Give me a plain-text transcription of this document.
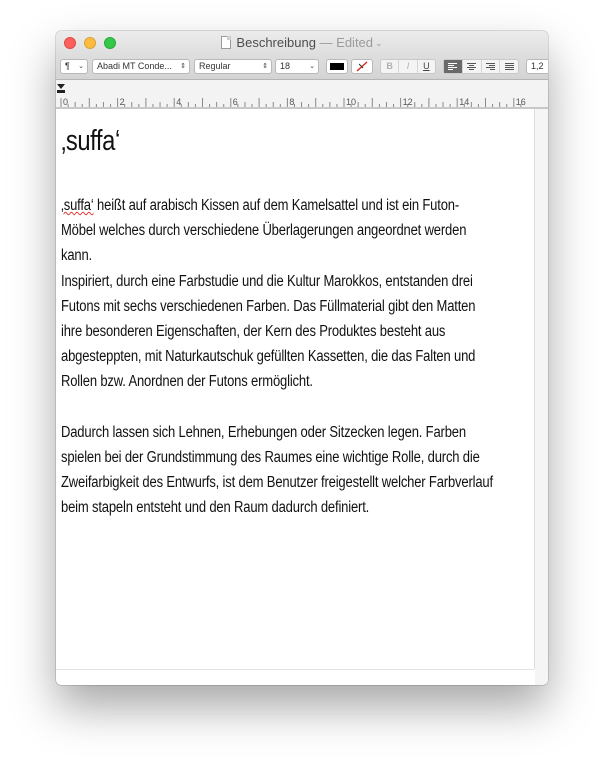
Beschreibung — Edited ⌄
¶ ⌄	Abadi MT Conde... ⇕	Regular	⇕	18	⌄	B	I	U	1,2
0	2	4	6	8	10	12	14	16
‚suffa‘
‚suffa‘ heißt auf arabisch Kissen auf dem Kamelsattel und ist ein Futon-
Möbel welches durch verschiedene Überlagerungen angeordnet werden
kann.
Inspiriert, durch eine Farbstudie und die Kultur Marokkos, entstanden drei
Futons mit sechs verschiedenen Farben. Das Füllmaterial gibt den Matten
ihre besonderen Eigenschaften, der Kern des Produktes besteht aus
abgesteppten, mit Naturkautschuk gefüllten Kassetten, die das Falten und
Rollen bzw. Anordnen der Futons ermöglicht.
Dadurch lassen sich Lehnen, Erhebungen oder Sitzecken legen. Farben
spielen bei der Grundstimmung des Raumes eine wichtige Rolle, durch die
Zweifarbigkeit des Entwurfs, ist dem Benutzer freigestellt welcher Farbverlauf
beim stapeln entsteht und den Raum dadurch definiert.
